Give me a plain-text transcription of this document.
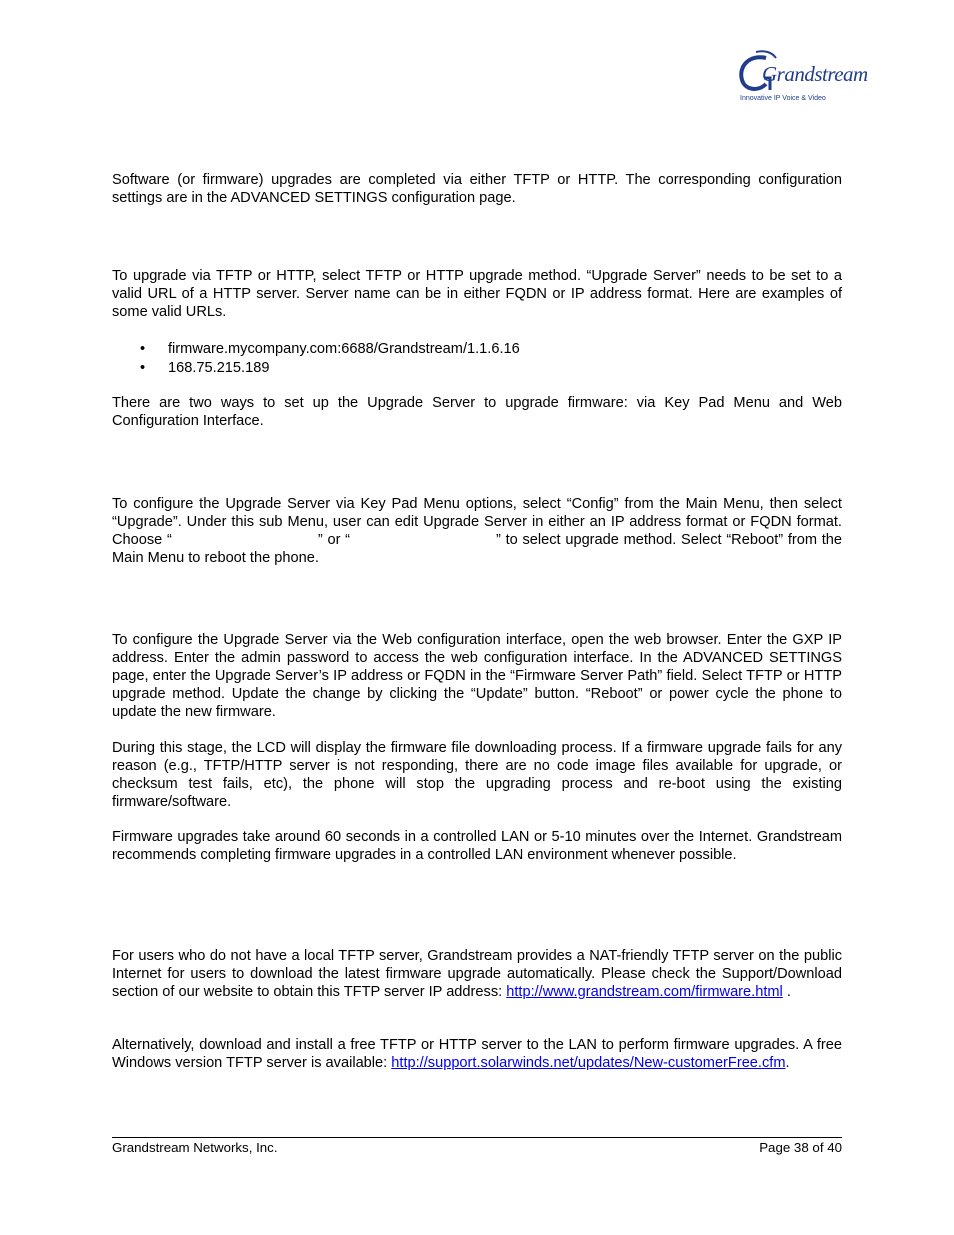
Grandstream
Innovative IP Voice & Video

Software (or firmware) upgrades are completed via either TFTP or HTTP. The corresponding configuration settings are in the ADVANCED SETTINGS configuration page.

To upgrade via TFTP or HTTP, select TFTP or HTTP upgrade method. “Upgrade Server” needs to be set to a valid URL of a HTTP server. Server name can be in either FQDN or IP address format. Here are examples of some valid URLs.

• firmware.mycompany.com:6688/Grandstream/1.1.6.16
• 168.75.215.189

There are two ways to set up the Upgrade Server to upgrade firmware: via Key Pad Menu and Web Configuration Interface.

To configure the Upgrade Server via Key Pad Menu options, select “Config” from the Main Menu, then select “Upgrade”. Under this sub Menu, user can edit Upgrade Server in either an IP address format or FQDN format. Choose “	” or “	” to select upgrade method. Select “Reboot” from the Main Menu to reboot the phone.

To configure the Upgrade Server via the Web configuration interface, open the web browser. Enter the GXP IP address. Enter the admin password to access the web configuration interface. In the ADVANCED SETTINGS page, enter the Upgrade Server’s IP address or FQDN in the “Firmware Server Path” field. Select TFTP or HTTP upgrade method. Update the change by clicking the “Update” button. “Reboot” or power cycle the phone to update the new firmware.

During this stage, the LCD will display the firmware file downloading process. If a firmware upgrade fails for any reason (e.g., TFTP/HTTP server is not responding, there are no code image files available for upgrade, or checksum test fails, etc), the phone will stop the upgrading process and re-boot using the existing firmware/software.

Firmware upgrades take around 60 seconds in a controlled LAN or 5-10 minutes over the Internet. Grandstream recommends completing firmware upgrades in a controlled LAN environment whenever possible.

For users who do not have a local TFTP server, Grandstream provides a NAT-friendly TFTP server on the public Internet for users to download the latest firmware upgrade automatically. Please check the Support/Download section of our website to obtain this TFTP server IP address: http://www.grandstream.com/firmware.html .

Alternatively, download and install a free TFTP or HTTP server to the LAN to perform firmware upgrades. A free Windows version TFTP server is available: http://support.solarwinds.net/updates/New-customerFree.cfm.

Grandstream Networks, Inc.	Page 38 of 40
